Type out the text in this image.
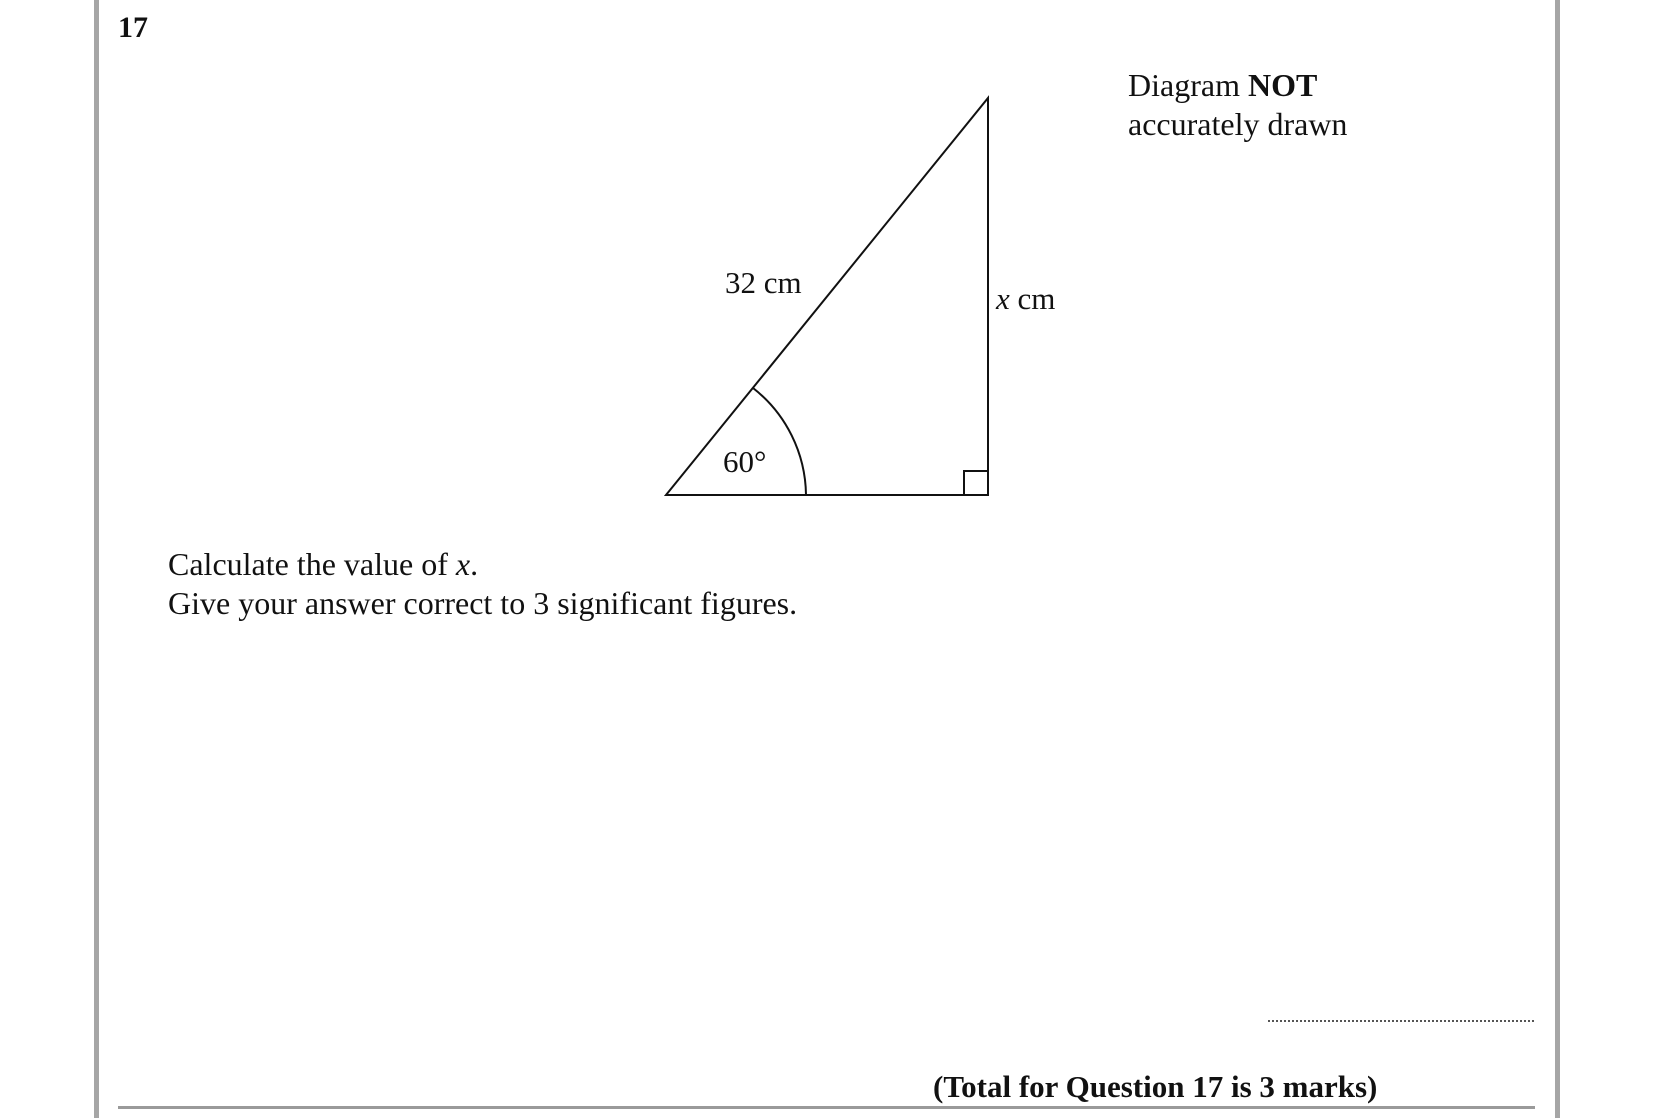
17
Diagram NOT
accurately drawn
32 cm	x cm
60°
Calculate the value of x.
Give your answer correct to 3 significant figures.
(Total for Question 17 is 3 marks)
